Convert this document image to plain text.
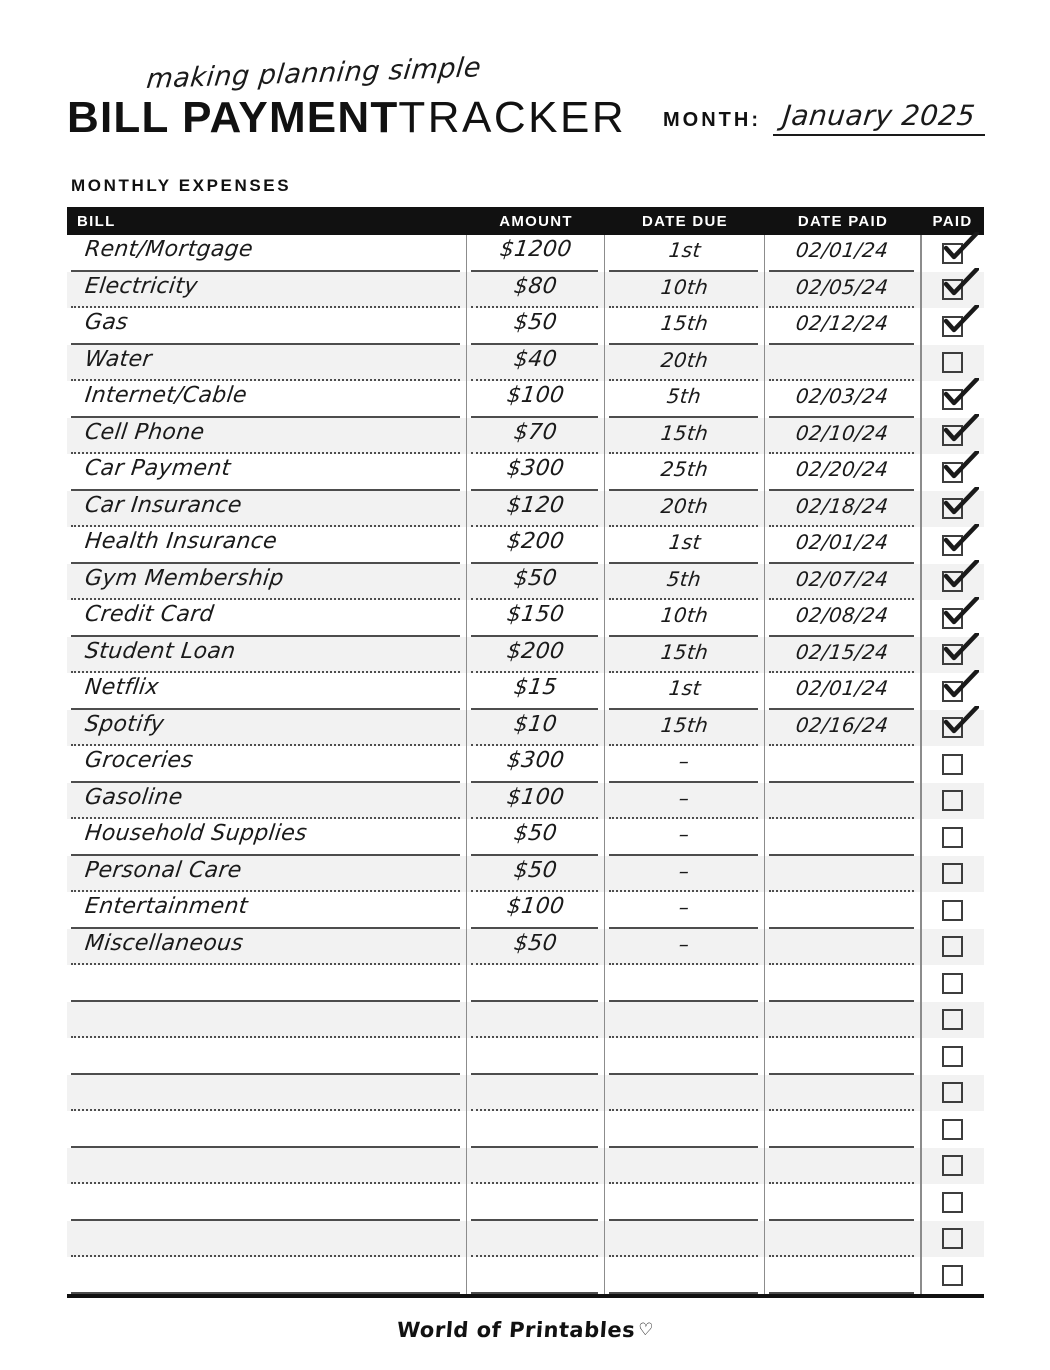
making planning simple
BILL PAYMENTTRACKER MONTH: January 2025
MONTHLY EXPENSES
BILL	AMOUNT	DATE DUE	DATE PAID	PAID
Rent/Mortgage	$1200	1st	02/01/24
Electricity	$80	10th	02/05/24
Gas	$50	15th	02/12/24
Water	$40	20th
Internet/Cable	$100	5th	02/03/24
Cell Phone	$70	15th	02/10/24
Car Payment	$300	25th	02/20/24
Car Insurance	$120	20th	02/18/24
Health Insurance	$200	1st	02/01/24
Gym Membership	$50	5th	02/07/24
Credit Card	$150	10th	02/08/24
Student Loan	$200	15th	02/15/24
Netflix	$15	1st	02/01/24
Spotify	$10	15th	02/16/24
Groceries	$300	–
Gasoline	$100	–
Household Supplies	$50	–
Personal Care	$50	–
Entertainment	$100	–
Miscellaneous	$50	–
World of Printables♡
